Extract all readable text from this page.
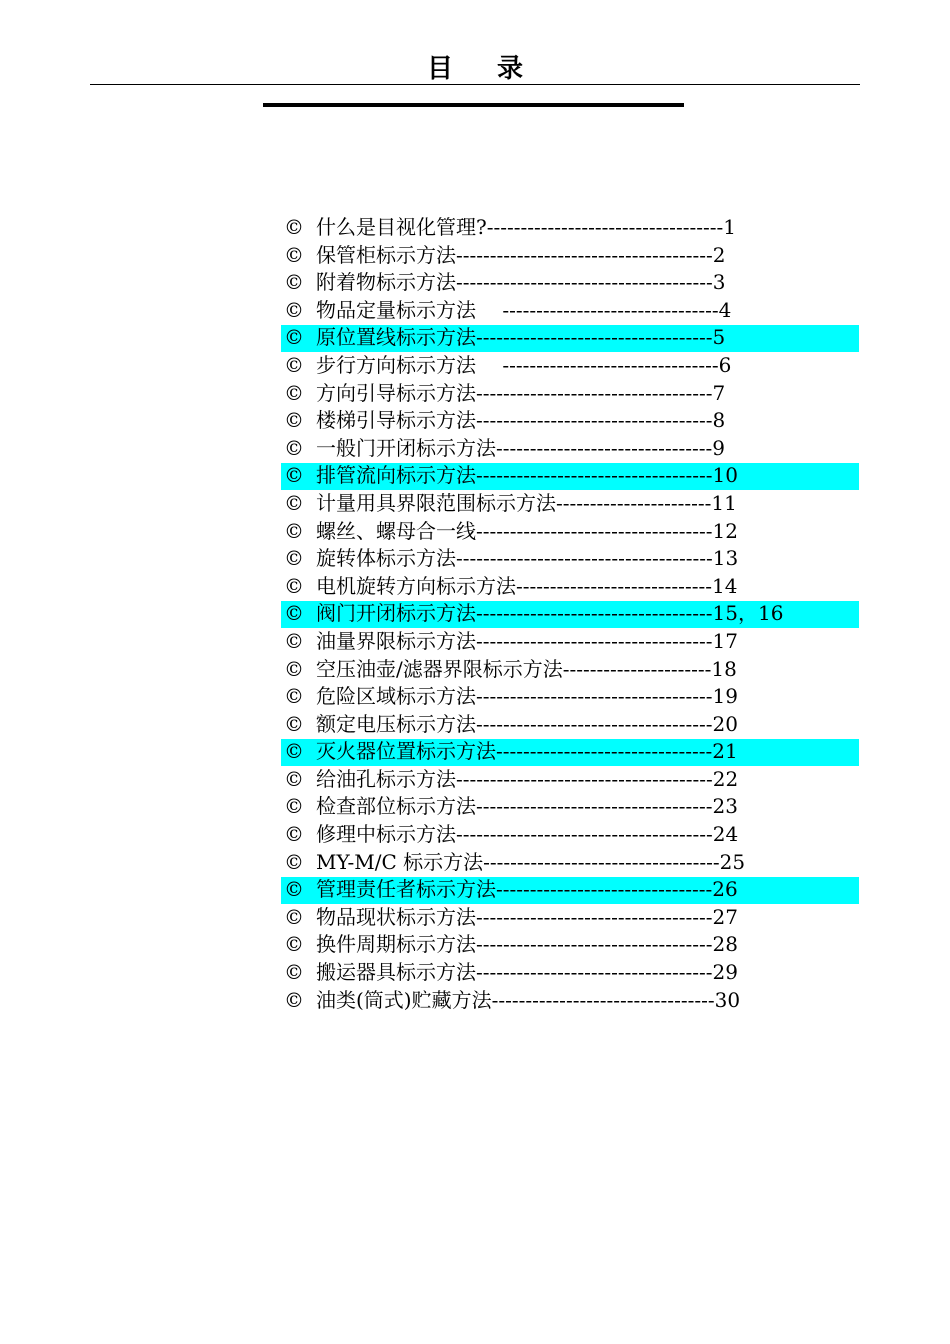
目录
© 什么是目视化管理?-----------------------------------1
© 保管柜标示方法--------------------------------------2
© 附着物标示方法--------------------------------------3
© 物品定量标示方法　 --------------------------------4
© 原位置线标示方法-----------------------------------5
© 步行方向标示方法　 --------------------------------6
© 方向引导标示方法-----------------------------------7
© 楼梯引导标示方法-----------------------------------8
© 一般门开闭标示方法--------------------------------9
© 排管流向标示方法-----------------------------------10
© 计量用具界限范围标示方法-----------------------11
© 螺丝、螺母合一线-----------------------------------12
© 旋转体标示方法--------------------------------------13
© 电机旋转方向标示方法-----------------------------14
© 阀门开闭标示方法-----------------------------------15，16
© 油量界限标示方法-----------------------------------17
© 空压油壶/滤器界限标示方法----------------------18
© 危险区域标示方法-----------------------------------19
© 额定电压标示方法-----------------------------------20
© 灭火器位置标示方法--------------------------------21
© 给油孔标示方法--------------------------------------22
© 检查部位标示方法-----------------------------------23
© 修理中标示方法--------------------------------------24
© MY-M/C 标示方法-----------------------------------25
© 管理责任者标示方法--------------------------------26
© 物品现状标示方法-----------------------------------27
© 换件周期标示方法-----------------------------------28
© 搬运器具标示方法-----------------------------------29
© 油类(筒式)贮藏方法---------------------------------30
